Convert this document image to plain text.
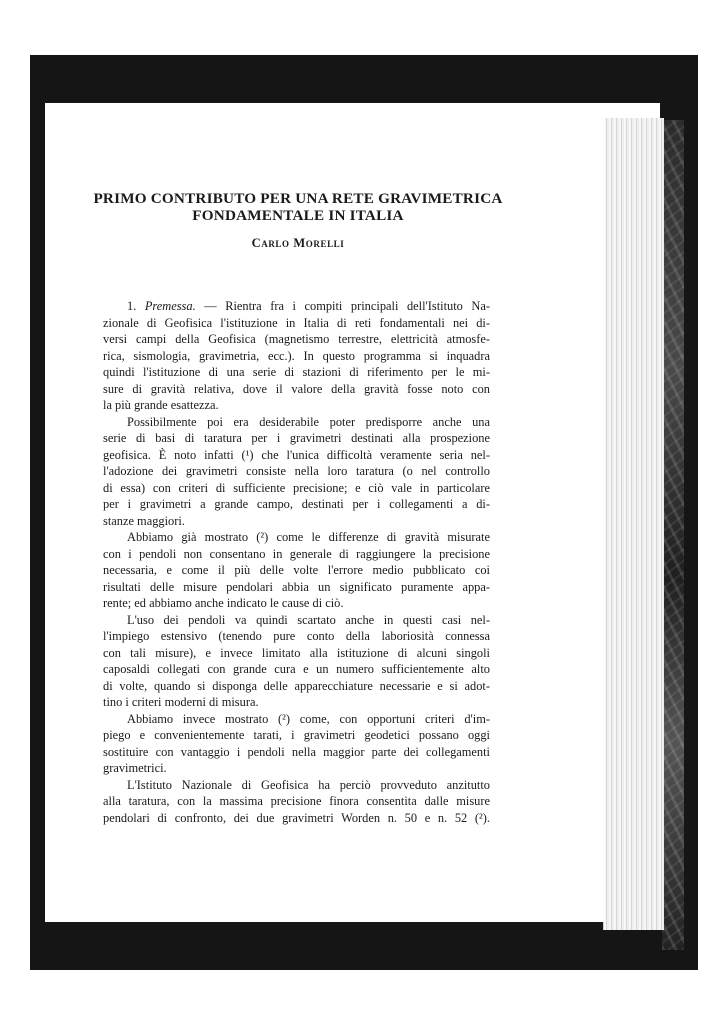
PRIMO CONTRIBUTO PER UNA RETE GRAVIMETRICA
FONDAMENTALE IN ITALIA
Carlo Morelli
1. Premessa. — Rientra fra i compiti principali dell'Istituto Na-
zionale di Geofisica l'istituzione in Italia di reti fondamentali nei di-
versi campi della Geofisica (magnetismo terrestre, elettricità atmosfe-
rica, sismologia, gravimetria, ecc.). In questo programma si inquadra
quindi l'istituzione di una serie di stazioni di riferimento per le mi-
sure di gravità relativa, dove il valore della gravità fosse noto con
la più grande esattezza.
Possibilmente poi era desiderabile poter predisporre anche una
serie di basi di taratura per i gravimetri destinati alla prospezione
geofisica. È noto infatti (¹) che l'unica difficoltà veramente seria nel-
l'adozione dei gravimetri consiste nella loro taratura (o nel controllo
di essa) con criteri di sufficiente precisione; e ciò vale in particolare
per i gravimetri a grande campo, destinati per i collegamenti a di-
stanze maggiori.
Abbiamo già mostrato (²) come le differenze di gravità misurate
con i pendoli non consentano in generale di raggiungere la precisione
necessaria, e come il più delle volte l'errore medio pubblicato coi
risultati delle misure pendolari abbia un significato puramente appa-
rente; ed abbiamo anche indicato le cause di ciò.
L'uso dei pendoli va quindi scartato anche in questi casi nel-
l'impiego estensivo (tenendo pure conto della laboriosità connessa
con tali misure), e invece limitato alla istituzione di alcuni singoli
caposaldi collegati con grande cura e un numero sufficientemente alto
di volte, quando si disponga delle apparecchiature necessarie e si adot-
tino i criteri moderni di misura.
Abbiamo invece mostrato (²) come, con opportuni criteri d'im-
piego e convenientemente tarati, i gravimetri geodetici possano oggi
sostituire con vantaggio i pendoli nella maggior parte dei collegamenti
gravimetrici.
L'Istituto Nazionale di Geofisica ha perciò provveduto anzitutto
alla taratura, con la massima precisione finora consentita dalle misure
pendolari di confronto, dei due gravimetri Worden n. 50 e n. 52 (²).
